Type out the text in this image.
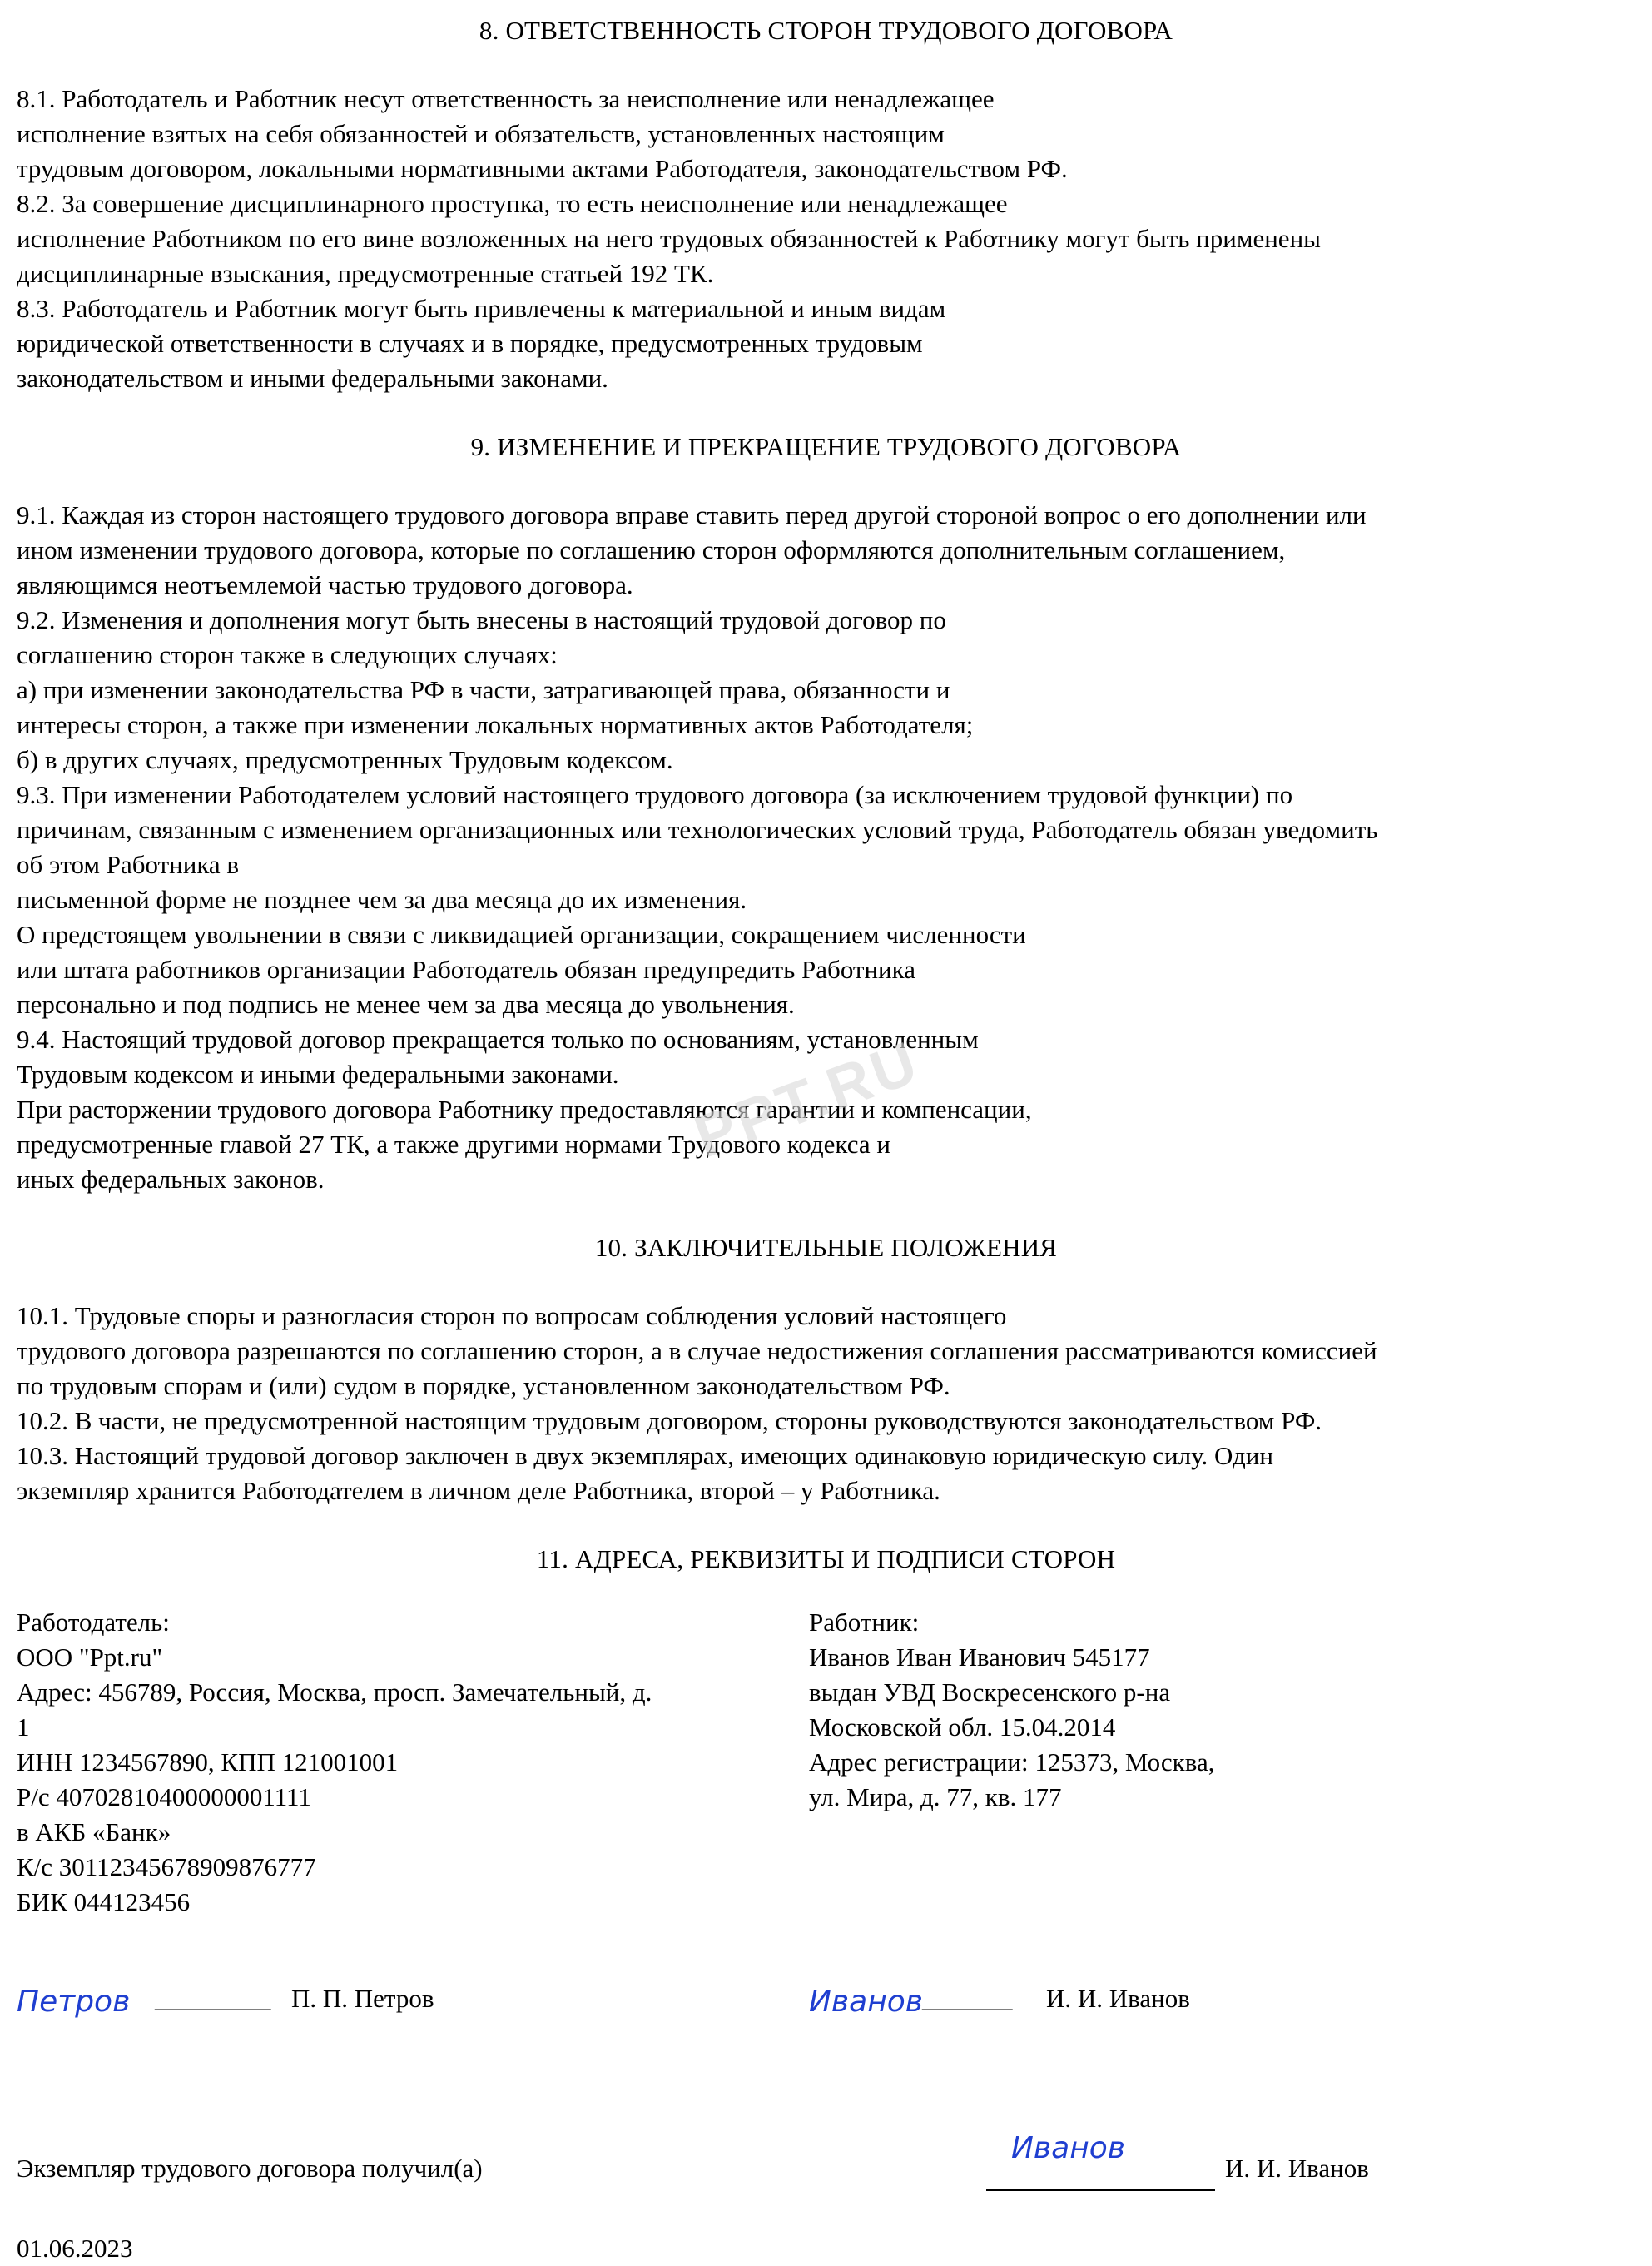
8. ОТВЕТСТВЕННОСТЬ СТОРОН ТРУДОВОГО ДОГОВОРА

8.1. Работодатель и Работник несут ответственность за неисполнение или ненадлежащее
исполнение взятых на себя обязанностей и обязательств, установленных настоящим
трудовым договором, локальными нормативными актами Работодателя, законодательством РФ.
8.2. За совершение дисциплинарного проступка, то есть неисполнение или ненадлежащее
исполнение Работником по его вине возложенных на него трудовых обязанностей к Работнику могут быть применены
дисциплинарные взыскания, предусмотренные статьей 192 ТК.
8.3. Работодатель и Работник могут быть привлечены к материальной и иным видам
юридической ответственности в случаях и в порядке, предусмотренных трудовым
законодательством и иными федеральными законами.

9. ИЗМЕНЕНИЕ И ПРЕКРАЩЕНИЕ ТРУДОВОГО ДОГОВОРА

9.1. Каждая из сторон настоящего трудового договора вправе ставить перед другой стороной вопрос о его дополнении или
ином изменении трудового договора, которые по соглашению сторон оформляются дополнительным соглашением,
являющимся неотъемлемой частью трудового договора.
9.2. Изменения и дополнения могут быть внесены в настоящий трудовой договор по
соглашению сторон также в следующих случаях:
а) при изменении законодательства РФ в части, затрагивающей права, обязанности и
интересы сторон, а также при изменении локальных нормативных актов Работодателя;
б) в других случаях, предусмотренных Трудовым кодексом.
9.3. При изменении Работодателем условий настоящего трудового договора (за исключением трудовой функции) по
причинам, связанным с изменением организационных или технологических условий труда, Работодатель обязан уведомить
об этом Работника в
письменной форме не позднее чем за два месяца до их изменения.
О предстоящем увольнении в связи с ликвидацией организации, сокращением численности
или штата работников организации Работодатель обязан предупредить Работника
персонально и под подпись не менее чем за два месяца до увольнения.
9.4. Настоящий трудовой договор прекращается только по основаниям, установленным
Трудовым кодексом и иными федеральными законами.
При расторжении трудового договора Работнику предоставляются гарантии и компенсации,
предусмотренные главой 27 ТК, а также другими нормами Трудового кодекса и
иных федеральных законов.

10. ЗАКЛЮЧИТЕЛЬНЫЕ ПОЛОЖЕНИЯ

10.1. Трудовые споры и разногласия сторон по вопросам соблюдения условий настоящего
трудового договора разрешаются по соглашению сторон, а в случае недостижения соглашения рассматриваются комиссией
по трудовым спорам и (или) судом в порядке, установленном законодательством РФ.
10.2. В части, не предусмотренной настоящим трудовым договором, стороны руководствуются законодательством РФ.
10.3. Настоящий трудовой договор заключен в двух экземплярах, имеющих одинаковую юридическую силу. Один
экземпляр хранится Работодателем в личном деле Работника, второй – у Работника.

11. АДРЕСА, РЕКВИЗИТЫ И ПОДПИСИ СТОРОН

Работодатель:

ООО "Ppt.ru"

Адрес: 456789, Россия, Москва, просп. Замечательный, д.
1

ИНН 1234567890, КПП 121001001

Р/с 40702810400000001111

в АКБ «Банк»

К/с 30112345678909876777

БИК 044123456

Работник:

Иванов Иван Иванович 545177

выдан УВД Воскресенского р-на

Московской обл. 15.04.2014

Адрес регистрации: 125373, Москва,

ул. Мира, д. 77, кв. 177

Петров _________ П. П. Петров	Иванов _______ И. И. Иванов
Экземпляр трудового договора получил(а)
Иванов
И. И. Иванов

01.06.2023

PPT.RU
